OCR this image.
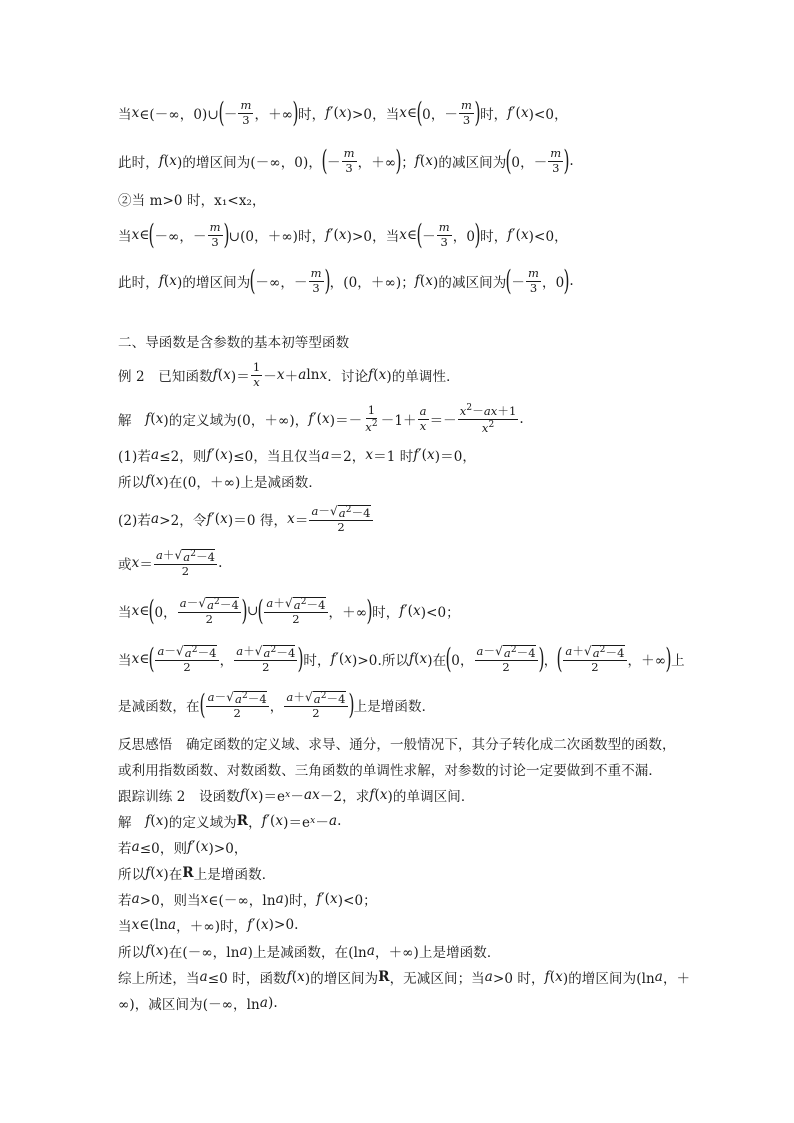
当 x ∈(－∞，0)∪ ( － $\frac{m}{3}$ ，＋∞ ) 时， f ′( x )>0，当 x ∈ ( 0，－ $\frac{m}{3}$ ) 时， f ′( x )<0，
此时， f ( x )的增区间为(－∞，0)， ( － $\frac{m}{3}$ ，＋∞ ) ； f ( x )的减区间为 ( 0，－ $\frac{m}{3}$ ) .
②当 m>0 时，x₁<x₂，
当 x ∈ ( －∞，－ $\frac{m}{3}$ ) ∪(0，＋∞)时， f ′( x )>0，当 x ∈ ( － $\frac{m}{3}$ ，0 ) 时， f ′( x )<0，
此时， f ( x )的增区间为 ( －∞，－ $\frac{m}{3}$ ) ，(0，＋∞)； f ( x )的减区间为 ( － $\frac{m}{3}$ ，0 ) .
二、导函数是含参数的基本初等型函数
例 2　已知函数 f ( x )＝ $\frac{1}{x} - x + a$ ln x ．讨论 f ( x )的单调性．
解　 f ( x )的定义域为(0，＋∞)， f ′( x )＝－ $\frac{1}{x^2} -1+ \frac{a}{x} =- \frac{x^2-ax+1}{x^2}$ .
(1)若 a ≤2，则 f ′( x )≤0，当且仅当 a ＝2， x ＝1 时 f ′( x )＝0，
所以 f ( x )在(0，＋∞)上是减函数．
(2)若 a >2，令 f ′( x )＝0 得， $x = \frac{a- √ a^2-4}{2}$
或 $x = \frac{a+ √ a^2-4}{2}$ .
当 x ∈ ( 0， $\frac{a- √ a^2-4}{2}$ ) ∪ ( $\frac{a+ √ a^2-4}{2}$ ，＋∞ ) 时， f ′( x )<0；
当 x ∈ ( $\frac{a- √ a^2-4}{2}$ ， $\frac{a+ √ a^2-4}{2}$ ) 时， f ′( x )>0.所以 f ( x )在 ( 0， $\frac{a- √ a^2-4}{2}$ ) ， ( $\frac{a+ √ a^2-4}{2}$ ，＋∞ ) 上
是减函数，在 ( $\frac{a- √ a^2-4}{2}$ ， $\frac{a+ √ a^2-4}{2}$ ) 上是增函数．
反思感悟　确定函数的定义域、求导、通分，一般情况下，其分子转化成二次函数型的函数，
或利用指数函数、对数函数、三角函数的单调性求解，对参数的讨论一定要做到不重不漏．
跟踪训练 2　设函数 f ( x )＝e x － ax －2，求 f ( x )的单调区间．
解　 f ( x )的定义域为 R ， f ′( x )＝e x － a .
若 a ≤0，则 f ′( x )>0，
所以 f ( x )在 R 上是增函数．
若 a >0，则当 x ∈(－∞，ln a )时， f ′( x )<0；
当 x ∈(ln a ，＋∞)时， f ′( x )>0.
所以 f ( x )在(－∞，ln a )上是减函数，在(ln a ，＋∞)上是增函数．
综上所述，当 a ≤0 时，函数 f ( x )的增区间为 R ，无减区间；当 a >0 时， f ( x )的增区间为(ln a ，＋
∞)，减区间为(－∞，ln a ).
